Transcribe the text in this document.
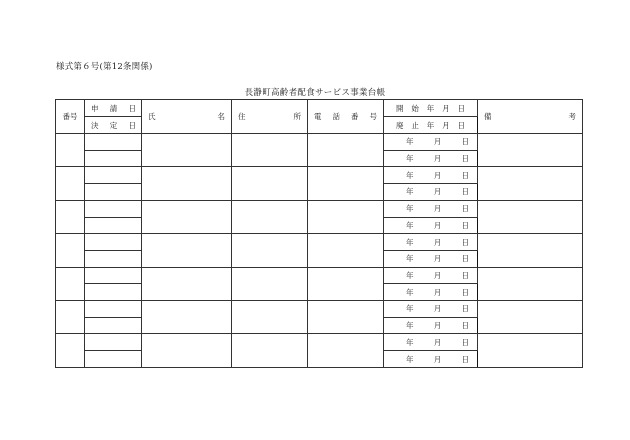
様式第６号(第12条関係)
長瀞町高齢者配食サービス事業台帳
番号	申 請 日	氏 名	住 所	電 話 番 号	開 始 年 月 日	備 考

	決 定 日				廃 止 年 月 日	

					年 月 日	

					年 月 日	

					年 月 日	

					年 月 日	

					年 月 日	

					年 月 日	

					年 月 日	

					年 月 日	

					年 月 日	

					年 月 日	

					年 月 日	

					年 月 日	

					年 月 日	

					年 月 日	
